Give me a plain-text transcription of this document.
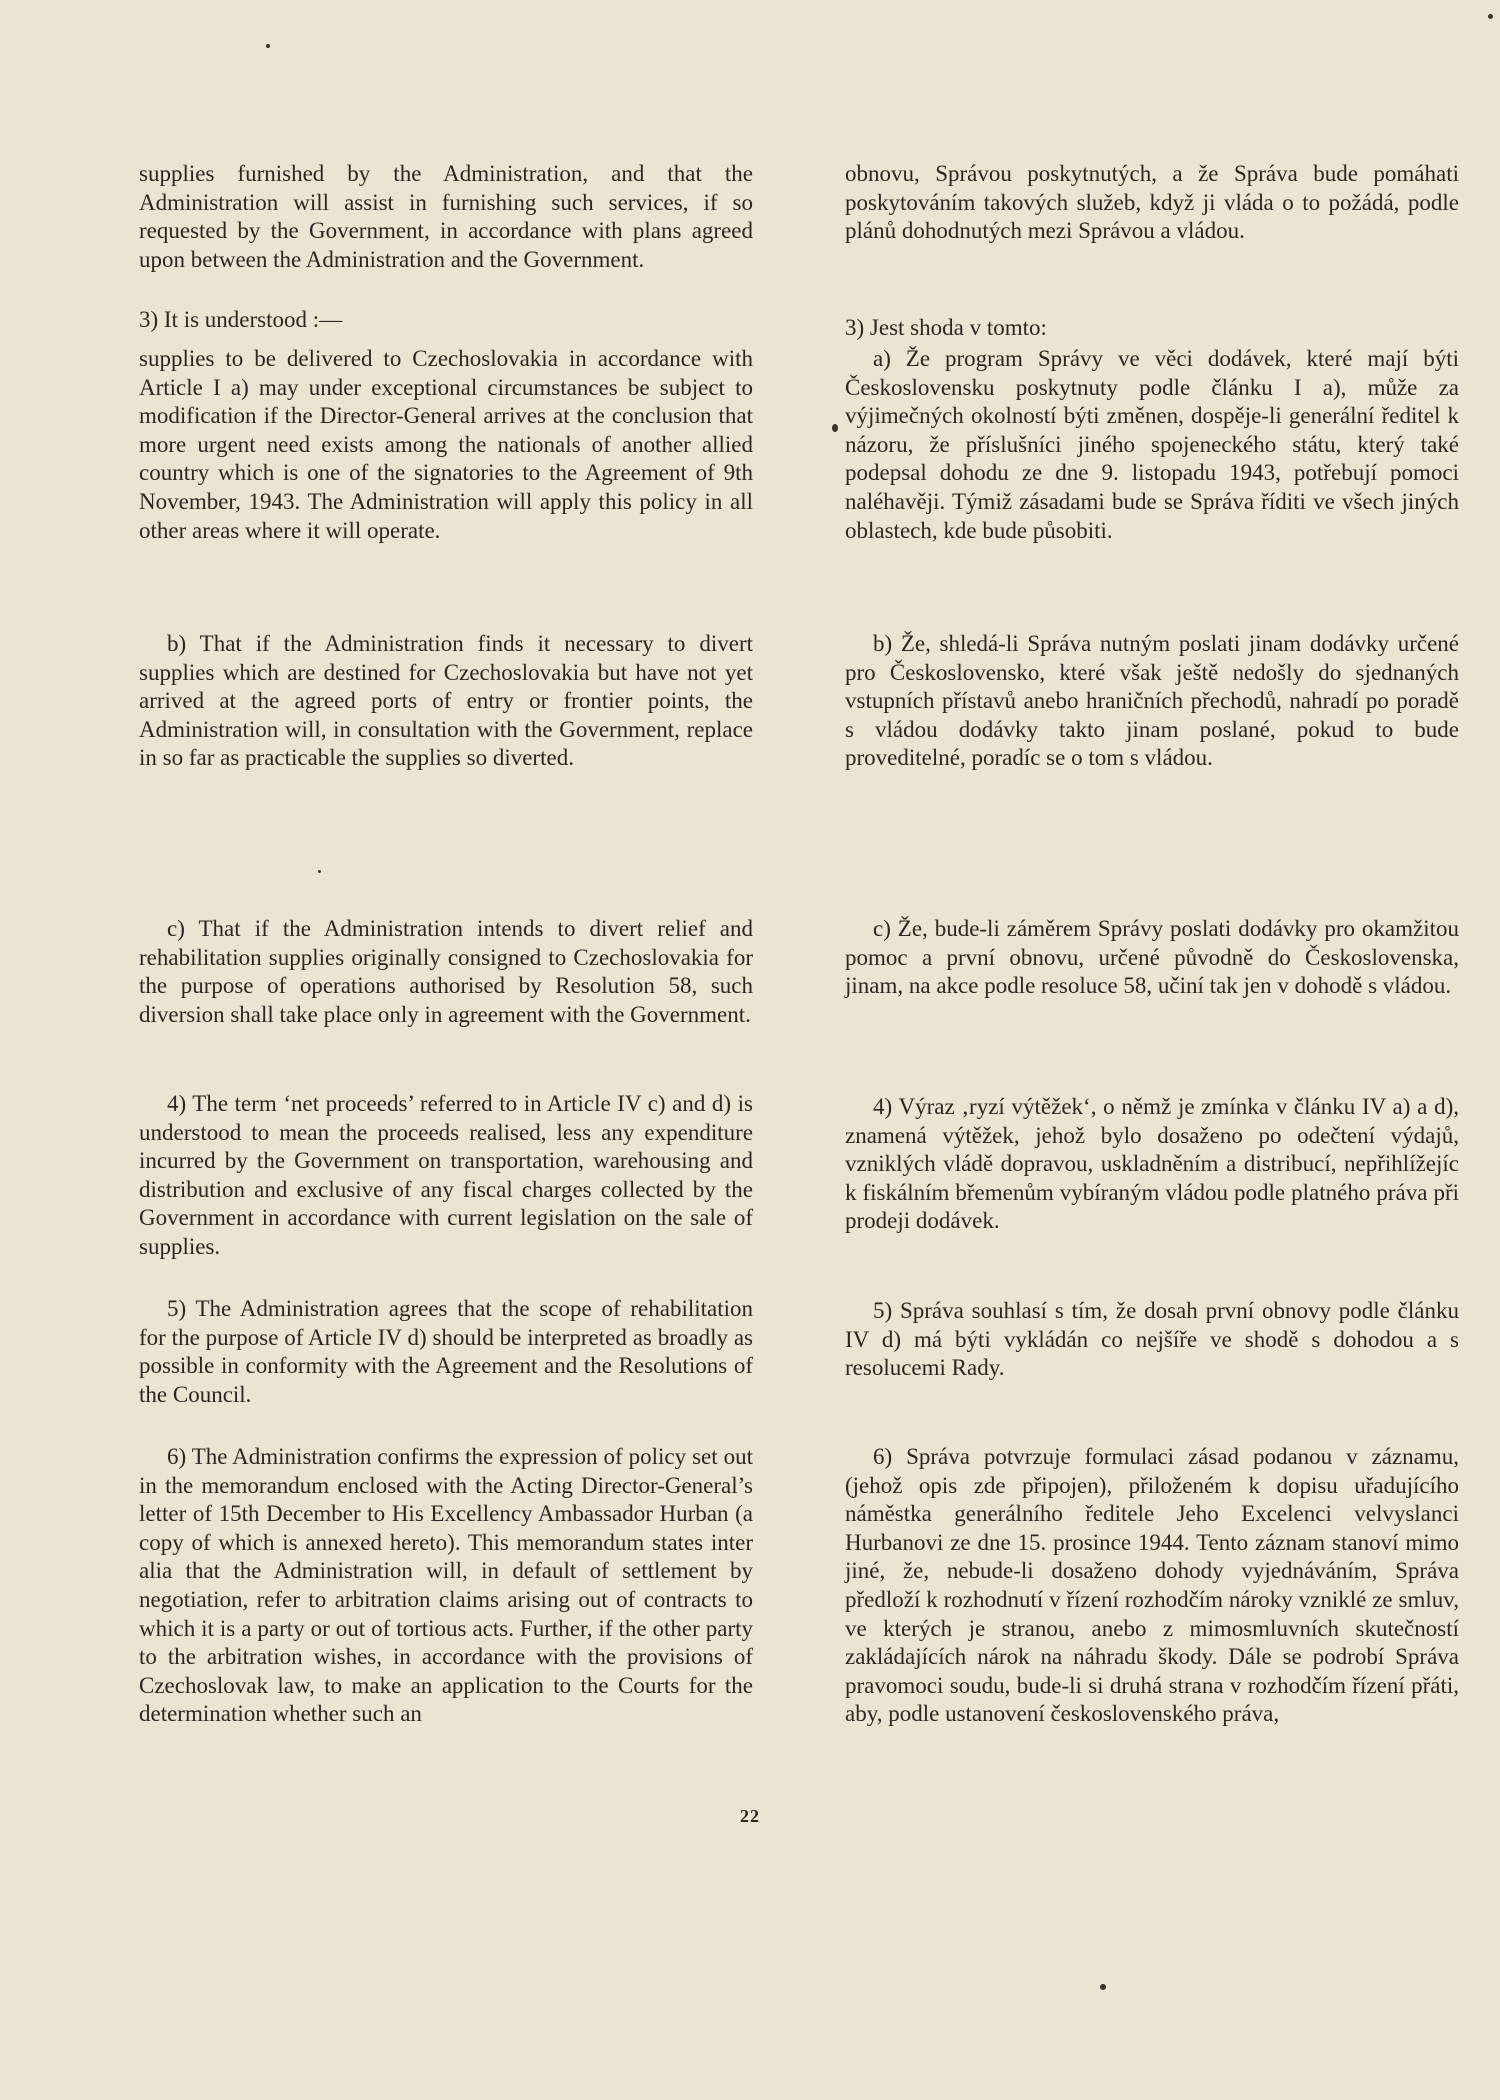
supplies furnished by the Administration, and that the Administration will assist in furnishing such services, if so requested by the Government, in accordance with plans agreed upon between the Administration and the Government.

3) It is understood :—

supplies to be delivered to Czechoslovakia in accordance with Article I a) may under exceptional circumstances be subject to modification if the Director-General arrives at the conclusion that more urgent need exists among the nationals of another allied country which is one of the signatories to the Agreement of 9th November, 1943. The Administration will apply this policy in all other areas where it will operate.

b) That if the Administration finds it necessary to divert supplies which are destined for Czechoslovakia but have not yet arrived at the agreed ports of entry or frontier points, the Administration will, in consultation with the Government, replace in so far as practicable the supplies so diverted.

c) That if the Administration intends to divert relief and rehabilitation supplies originally consigned to Czechoslovakia for the purpose of operations authorised by Resolution 58, such diversion shall take place only in agreement with the Government.

4) The term ‘net proceeds’ referred to in Article IV c) and d) is understood to mean the proceeds realised, less any expenditure incurred by the Government on transportation, warehousing and distribution and exclusive of any fiscal charges collected by the Government in accordance with current legislation on the sale of supplies.

5) The Administration agrees that the scope of rehabilitation for the purpose of Article IV d) should be interpreted as broadly as possible in conformity with the Agreement and the Resolutions of the Council.

6) The Administration confirms the expression of policy set out in the memorandum enclosed with the Acting Director-General’s letter of 15th December to His Excellency Ambassador Hurban (a copy of which is annexed hereto). This memorandum states inter alia that the Administration will, in default of settlement by negotiation, refer to arbitration claims arising out of contracts to which it is a party or out of tortious acts. Further, if the other party to the arbitration wishes, in accordance with the provisions of Czechoslovak law, to make an application to the Courts for the determination whether such an

obnovu, Správou poskytnutých, a že Správa bude pomáhati poskytováním takových služeb, když ji vláda o to požádá, podle plánů dohodnutých mezi Správou a vládou.

3) Jest shoda v tomto:

a) Že program Správy ve věci dodávek, které mají býti Československu poskytnuty podle článku I a), může za výjimečných okolností býti změnen, dospěje-li generální ředitel k názoru, že příslušníci jiného spojeneckého státu, který také podepsal dohodu ze dne 9. listopadu 1943, potřebují pomoci naléhavěji. Týmiž zásadami bude se Správa říditi ve všech jiných oblastech, kde bude působiti.

b) Že, shledá-li Správa nutným poslati jinam dodávky určené pro Československo, které však ještě nedošly do sjednaných vstupních přístavů anebo hraničních přechodů, nahradí po poradě s vládou dodávky takto jinam poslané, pokud to bude proveditelné, poradíc se o tom s vládou.

c) Že, bude-li záměrem Správy poslati dodávky pro okamžitou pomoc a první obnovu, určené původně do Československa, jinam, na akce podle resoluce 58, učiní tak jen v dohodě s vládou.

4) Výraz ‚ryzí výtěžek‘, o němž je zmínka v článku IV a) a d), znamená výtěžek, jehož bylo dosaženo po odečtení výdajů, vzniklých vládě dopravou, uskladněním a distribucí, nepřihlížejíc k fiskálním břemenům vybíraným vládou podle platného práva při prodeji dodávek.

5) Správa souhlasí s tím, že dosah první obnovy podle článku IV d) má býti vykládán co nejšíře ve shodě s dohodou a s resolucemi Rady.

6) Správa potvrzuje formulaci zásad podanou v záznamu, (jehož opis zde připojen), přiloženém k dopisu uřadujícího náměstka generálního ředitele Jeho Excelenci velvyslanci Hurbanovi ze dne 15. prosince 1944. Tento záznam stanoví mimo jiné, že, nebude-li dosaženo dohody vyjednáváním, Správa předloží k rozhodnutí v řízení rozhodčím nároky vzniklé ze smluv, ve kterých je stranou, anebo z mimosmluvních skutečností zakládajících nárok na náhradu škody. Dále se podrobí Správa pravomoci soudu, bude-li si druhá strana v rozhodčím řízení přáti, aby, podle ustanovení československého práva,

22
